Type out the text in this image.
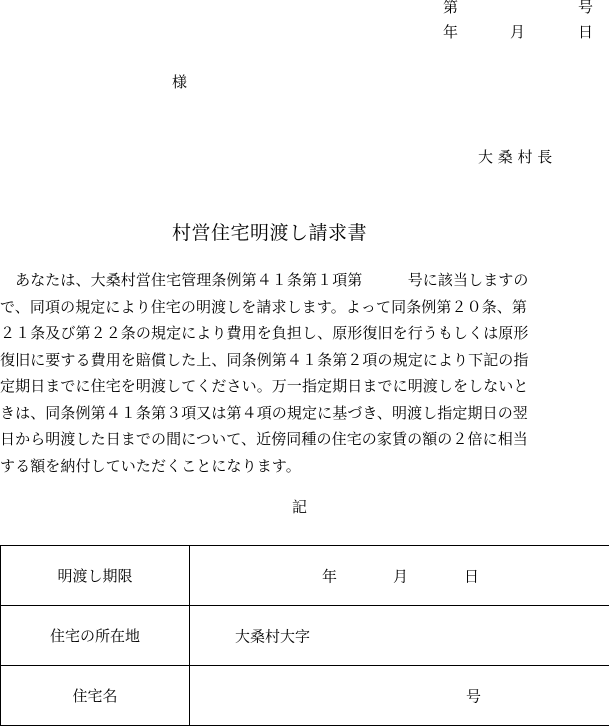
第	号
年	月	日
様
大 桑 村 長
村営住宅明渡し請求書
　あなたは、大桑村営住宅管理条例第４１条第１項第　　　号に該当しますの
で、同項の規定により住宅の明渡しを請求します。よって同条例第２０条、第
２１条及び第２２条の規定により費用を負担し、原形復旧を行うもしくは原形
復旧に要する費用を賠償した上、同条例第４１条第２項の規定により下記の指
定期日までに住宅を明渡してください。万一指定期日までに明渡しをしないと
きは、同条例第４１条第３項又は第４項の規定に基づき、明渡し指定期日の翌
日から明渡した日までの間について、近傍同種の住宅の家賃の額の２倍に相当
する額を納付していただくことになります。
記
明渡し期限	年 月 日

住宅の所在地	大桑村大字

住宅名	号
